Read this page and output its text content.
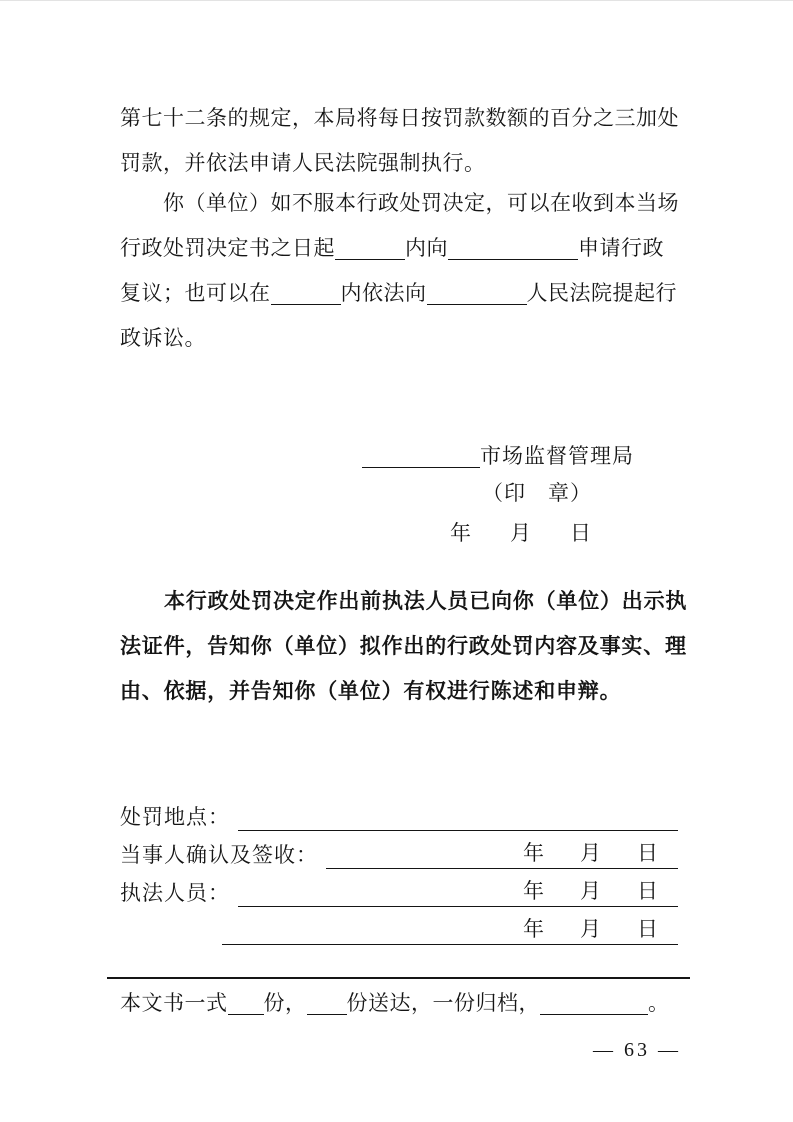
第七十二条的规定，本局将每日按罚款数额的百分之三加处罚款，并依法申请人民法院强制执行。

你（单位）如不服本行政处罚决定，可以在收到本当场行政处罚决定书之日起	内向	申请行政复议；也可以在	内依法向	人民法院提起行政诉讼。

市场监督管理局
（印　章）
年 月 日

本行政处罚决定作出前执法人员已向你（单位）出示执法证件，告知你（单位）拟作出的行政处罚内容及事实、理由、依据，并告知你（单位）有权进行陈述和申辩。

处罚地点：
当事人确认及签收：	年 月 日
执法人员：	年 月 日
年 月 日

本文书一式 份， 份送达，一份归档，	。

— 63 —
